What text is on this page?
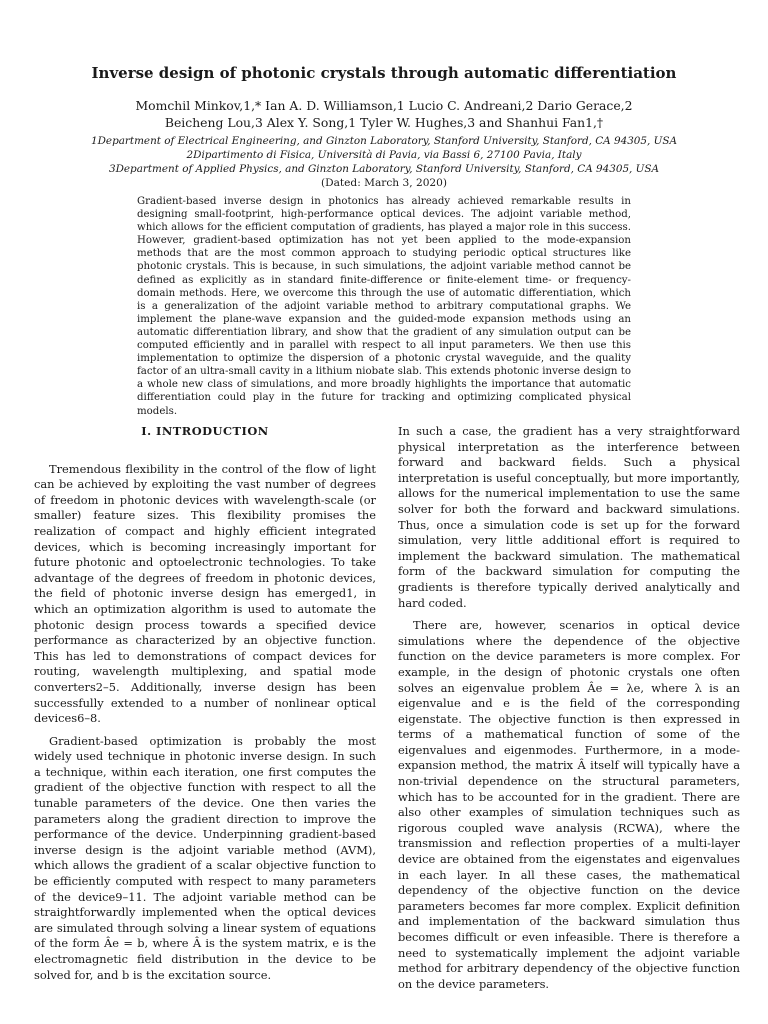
Inverse design of photonic crystals through automatic differentiation
Momchil Minkov,1,* Ian A. D. Williamson,1 Lucio C. Andreani,2 Dario Gerace,2
Beicheng Lou,3 Alex Y. Song,1 Tyler W. Hughes,3 and Shanhui Fan1,†
1Department of Electrical Engineering, and Ginzton Laboratory, Stanford University, Stanford, CA 94305, USA
2Dipartimento di Fisica, Università di Pavia, via Bassi 6, 27100 Pavia, Italy
3Department of Applied Physics, and Ginzton Laboratory, Stanford University, Stanford, CA 94305, USA
(Dated: March 3, 2020)
Gradient-based inverse design in photonics has already achieved remarkable results in designing small-footprint, high-performance optical devices. The adjoint variable method, which allows for the efficient computation of gradients, has played a major role in this success. However, gradient-based optimization has not yet been applied to the mode-expansion methods that are the most common approach to studying periodic optical structures like photonic crystals. This is because, in such simulations, the adjoint variable method cannot be defined as explicitly as in standard finite-difference or finite-element time- or frequency-domain methods. Here, we overcome this through the use of automatic differentiation, which is a generalization of the adjoint variable method to arbitrary computational graphs. We implement the plane-wave expansion and the guided-mode expansion methods using an automatic differentiation library, and show that the gradient of any simulation output can be computed efficiently and in parallel with respect to all input parameters. We then use this implementation to optimize the dispersion of a photonic crystal waveguide, and the quality factor of an ultra-small cavity in a lithium niobate slab. This extends photonic inverse design to a whole new class of simulations, and more broadly highlights the importance that automatic differentiation could play in the future for tracking and optimizing complicated physical models.
I. INTRODUCTION

Tremendous flexibility in the control of the flow of light can be achieved by exploiting the vast number of degrees of freedom in photonic devices with wavelength-scale (or smaller) feature sizes. This flexibility promises the realization of compact and highly efficient integrated devices, which is becoming increasingly important for future photonic and optoelectronic technologies. To take advantage of the degrees of freedom in photonic devices, the field of photonic inverse design has emerged1, in which an optimization algorithm is used to automate the photonic design process towards a specified device performance as characterized by an objective function. This has led to demonstrations of compact devices for routing, wavelength multiplexing, and spatial mode converters2–5. Additionally, inverse design has been successfully extended to a number of nonlinear optical devices6–8.

Gradient-based optimization is probably the most widely used technique in photonic inverse design. In such a technique, within each iteration, one first computes the gradient of the objective function with respect to all the tunable parameters of the device. One then varies the parameters along the gradient direction to improve the performance of the device. Underpinning gradient-based inverse design is the adjoint variable method (AVM), which allows the gradient of a scalar objective function to be efficiently computed with respect to many parameters of the device9–11. The adjoint variable method can be straightforwardly implemented when the optical devices are simulated through solving a linear system of equations of the form Âe = b, where Â is the system matrix, e is the electromagnetic field distribution in the device to be solved for, and b is the excitation source.

In such a case, the gradient has a very straightforward physical interpretation as the interference between forward and backward fields. Such a physical interpretation is useful conceptually, but more importantly, allows for the numerical implementation to use the same solver for both the forward and backward simulations. Thus, once a simulation code is set up for the forward simulation, very little additional effort is required to implement the backward simulation. The mathematical form of the backward simulation for computing the gradients is therefore typically derived analytically and hard coded.

There are, however, scenarios in optical device simulations where the dependence of the objective function on the device parameters is more complex. For example, in the design of photonic crystals one often solves an eigenvalue problem Âe = λe, where λ is an eigenvalue and e is the field of the corresponding eigenstate. The objective function is then expressed in terms of a mathematical function of some of the eigenvalues and eigenmodes. Furthermore, in a mode-expansion method, the matrix Â itself will typically have a non-trivial dependence on the structural parameters, which has to be accounted for in the gradient. There are also other examples of simulation techniques such as rigorous coupled wave analysis (RCWA), where the transmission and reflection properties of a multi-layer device are obtained from the eigenstates and eigenvalues in each layer. In all these cases, the mathematical dependency of the objective function on the device parameters becomes far more complex. Explicit definition and implementation of the backward simulation thus becomes difficult or even infeasible. There is therefore a need to systematically implement the adjoint variable method for arbitrary dependency of the objective function on the device parameters.
